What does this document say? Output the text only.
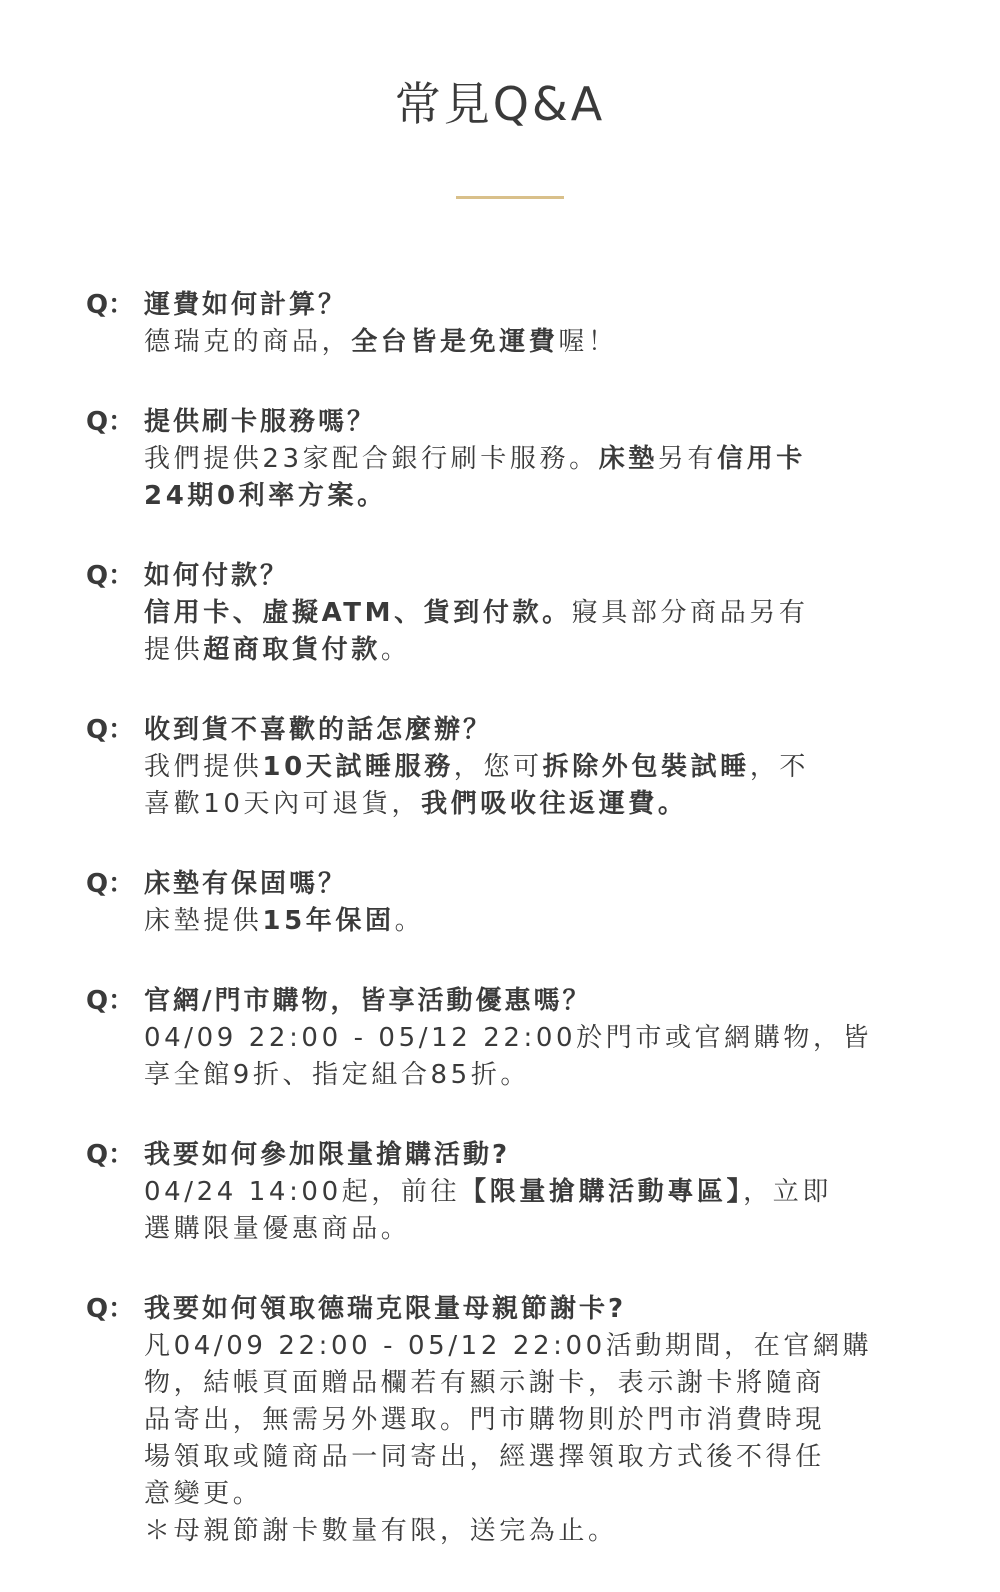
常見Q&A
Q： 運費如何計算？
德瑞克的商品，全台皆是免運費喔！
Q： 提供刷卡服務嗎？
我們提供23家配合銀行刷卡服務。床墊另有信用卡
24期0利率方案。
Q： 如何付款？
信用卡、虛擬ATM、貨到付款。寢具部分商品另有
提供超商取貨付款。
Q： 收到貨不喜歡的話怎麼辦？
我們提供10天試睡服務，您可拆除外包裝試睡，不
喜歡10天內可退貨，我們吸收往返運費。
Q： 床墊有保固嗎？
床墊提供15年保固。
Q： 官網/門市購物，皆享活動優惠嗎？
04/09 22:00 - 05/12 22:00於門市或官網購物，皆
享全館9折、指定組合85折。
Q： 我要如何參加限量搶購活動?
04/24 14:00起，前往【限量搶購活動專區】，立即
選購限量優惠商品。
Q： 我要如何領取德瑞克限量母親節謝卡?
凡04/09 22:00 - 05/12 22:00活動期間，在官網購
物，結帳頁面贈品欄若有顯示謝卡，表示謝卡將隨商
品寄出，無需另外選取。門市購物則於門市消費時現
場領取或隨商品一同寄出，經選擇領取方式後不得任
意變更。
＊母親節謝卡數量有限，送完為止。
